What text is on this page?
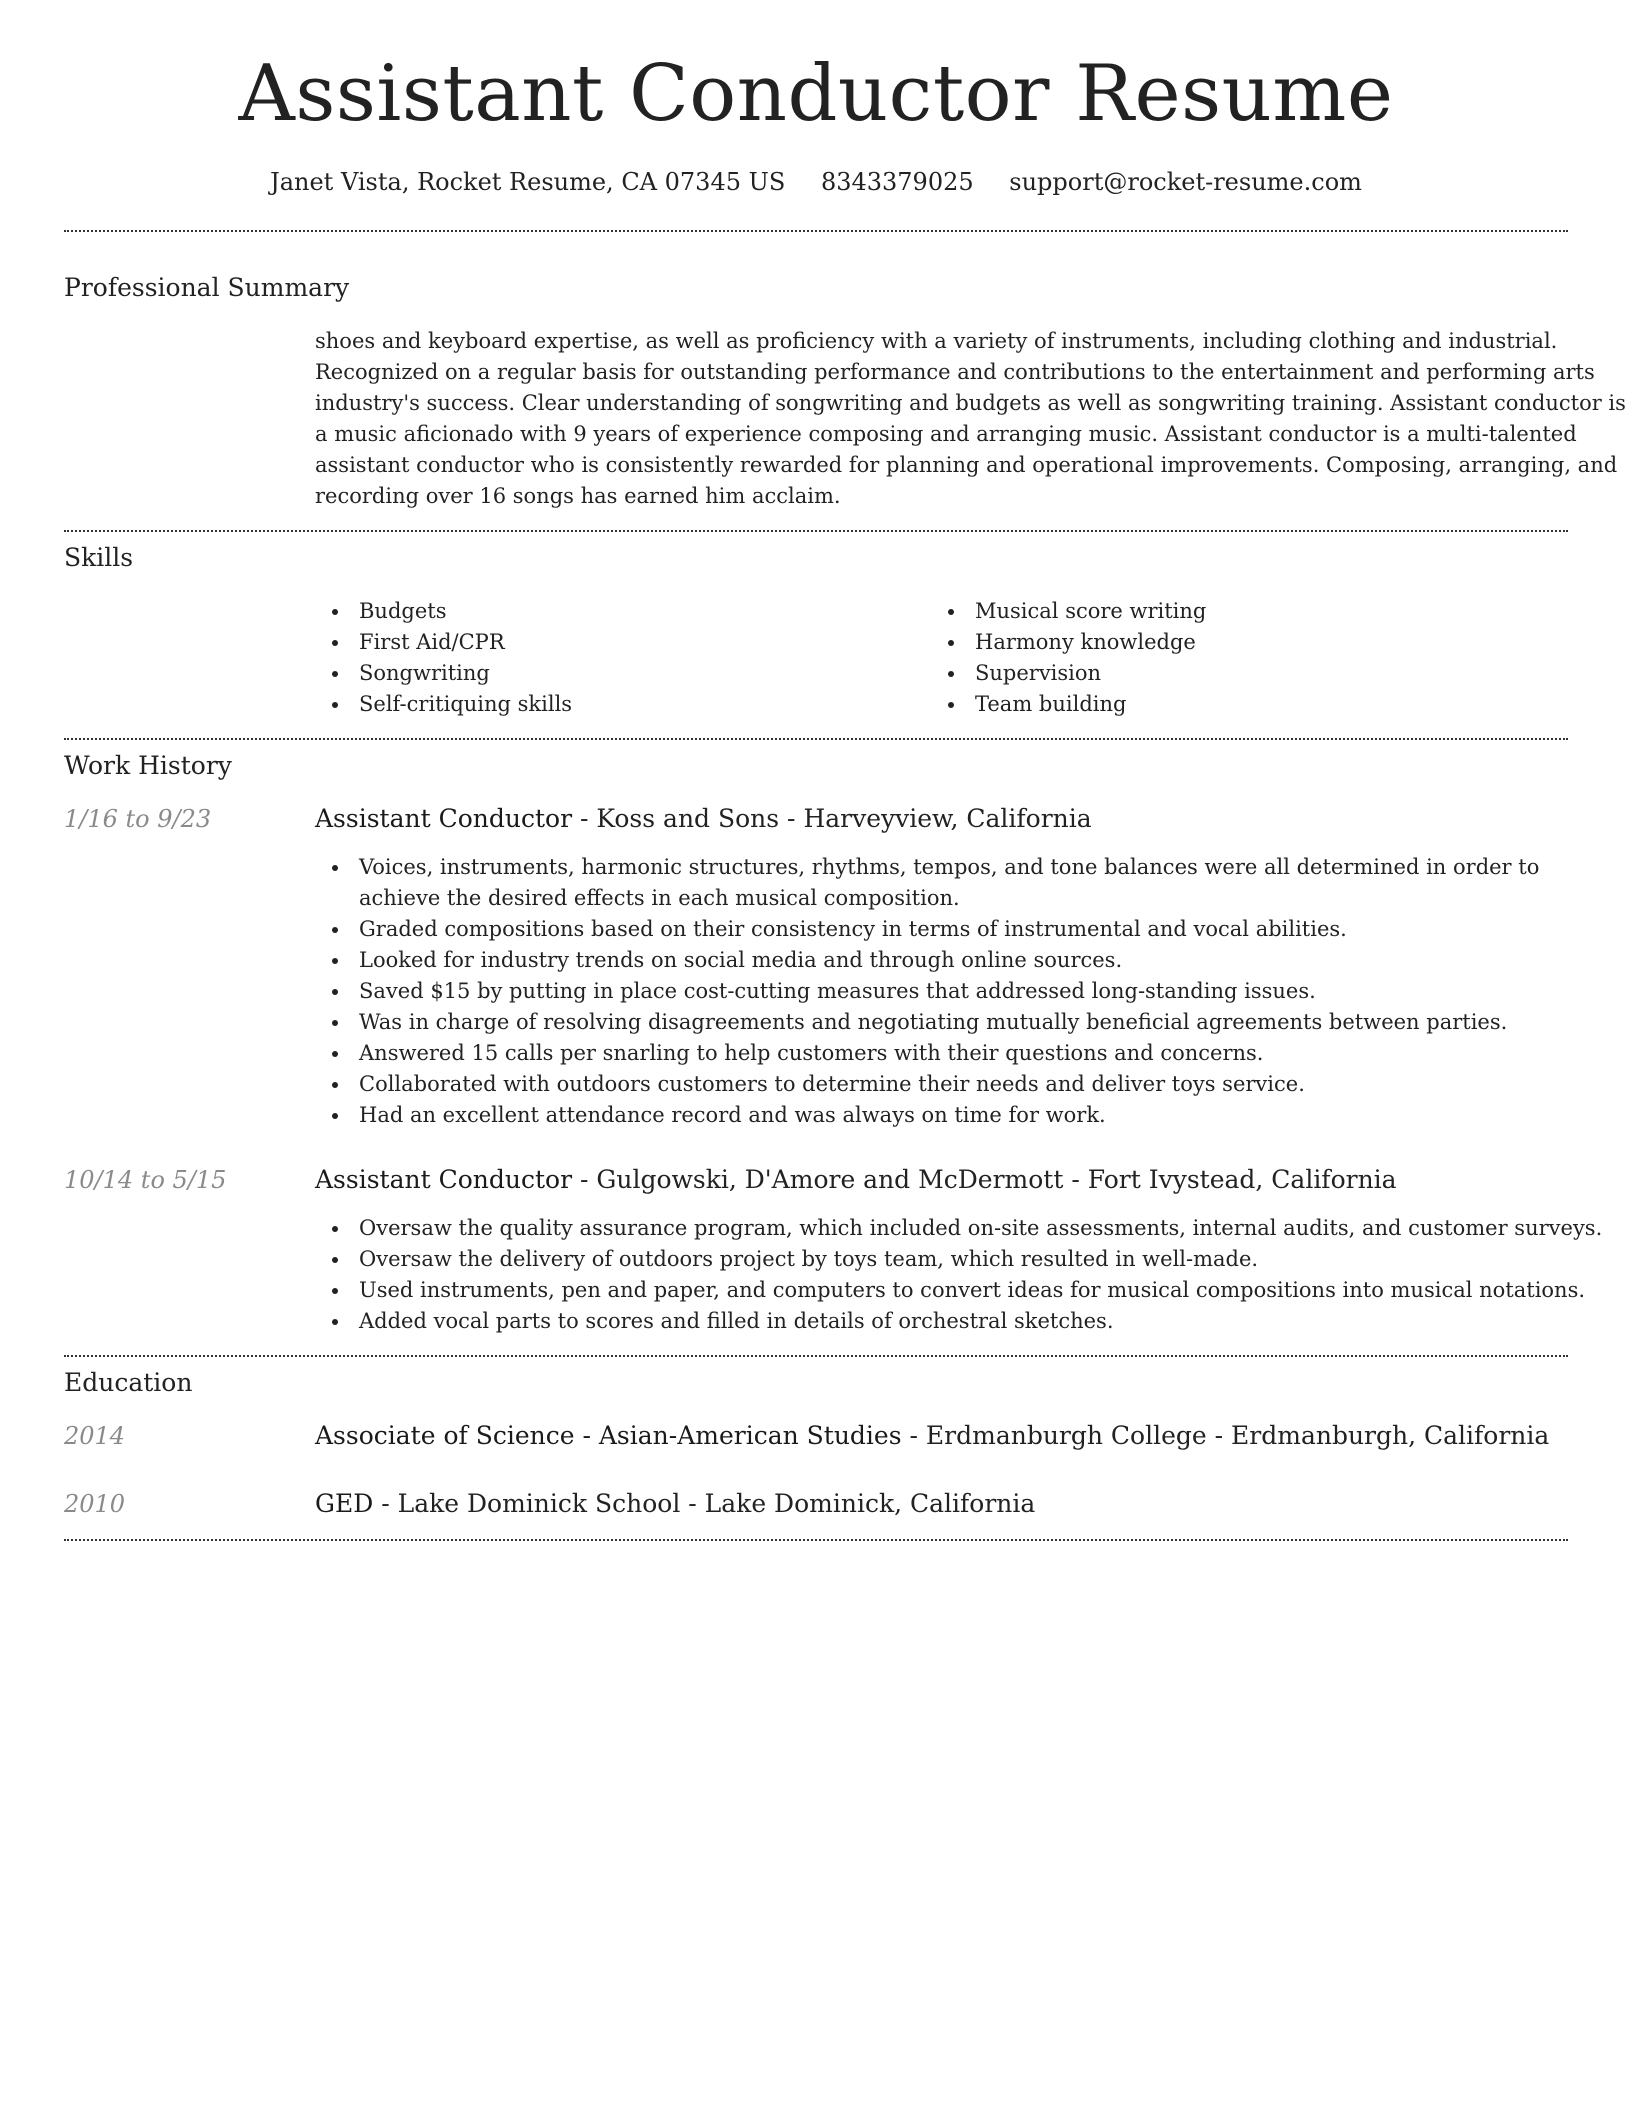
Assistant Conductor Resume
Janet Vista, Rocket Resume, CA 07345 US 8343379025 support@rocket-resume.com
Professional Summary

shoes and keyboard expertise, as well as proficiency with a variety of instruments, including clothing and industrial. Recognized on a regular basis for outstanding performance and contributions to the entertainment and performing arts industry's success. Clear understanding of songwriting and budgets as well as songwriting training. Assistant conductor is a music aficionado with 9 years of experience composing and arranging music. Assistant conductor is a multi-talented assistant conductor who is consistently rewarded for planning and operational improvements. Composing, arranging, and recording over 16 songs has earned him acclaim.

Skills
Budgets
First Aid/CPR
Songwriting
Self-critiquing skills
Musical score writing
Harmony knowledge
Supervision
Team building
Work History
1/16 to 9/23	Assistant Conductor - Koss and Sons - Harveyview, California
Voices, instruments, harmonic structures, rhythms, tempos, and tone balances were all determined in order to achieve the desired effects in each musical composition.
Graded compositions based on their consistency in terms of instrumental and vocal abilities.
Looked for industry trends on social media and through online sources.
Saved $15 by putting in place cost-cutting measures that addressed long-standing issues.
Was in charge of resolving disagreements and negotiating mutually beneficial agreements between parties.
Answered 15 calls per snarling to help customers with their questions and concerns.
Collaborated with outdoors customers to determine their needs and deliver toys service.
Had an excellent attendance record and was always on time for work.
10/14 to 5/15	Assistant Conductor - Gulgowski, D'Amore and McDermott - Fort Ivystead, California
Oversaw the quality assurance program, which included on-site assessments, internal audits, and customer surveys.
Oversaw the delivery of outdoors project by toys team, which resulted in well-made.
Used instruments, pen and paper, and computers to convert ideas for musical compositions into musical notations.
Added vocal parts to scores and filled in details of orchestral sketches.
Education
2014	Associate of Science - Asian-American Studies - Erdmanburgh College - Erdmanburgh, California
2010	GED - Lake Dominick School - Lake Dominick, California
